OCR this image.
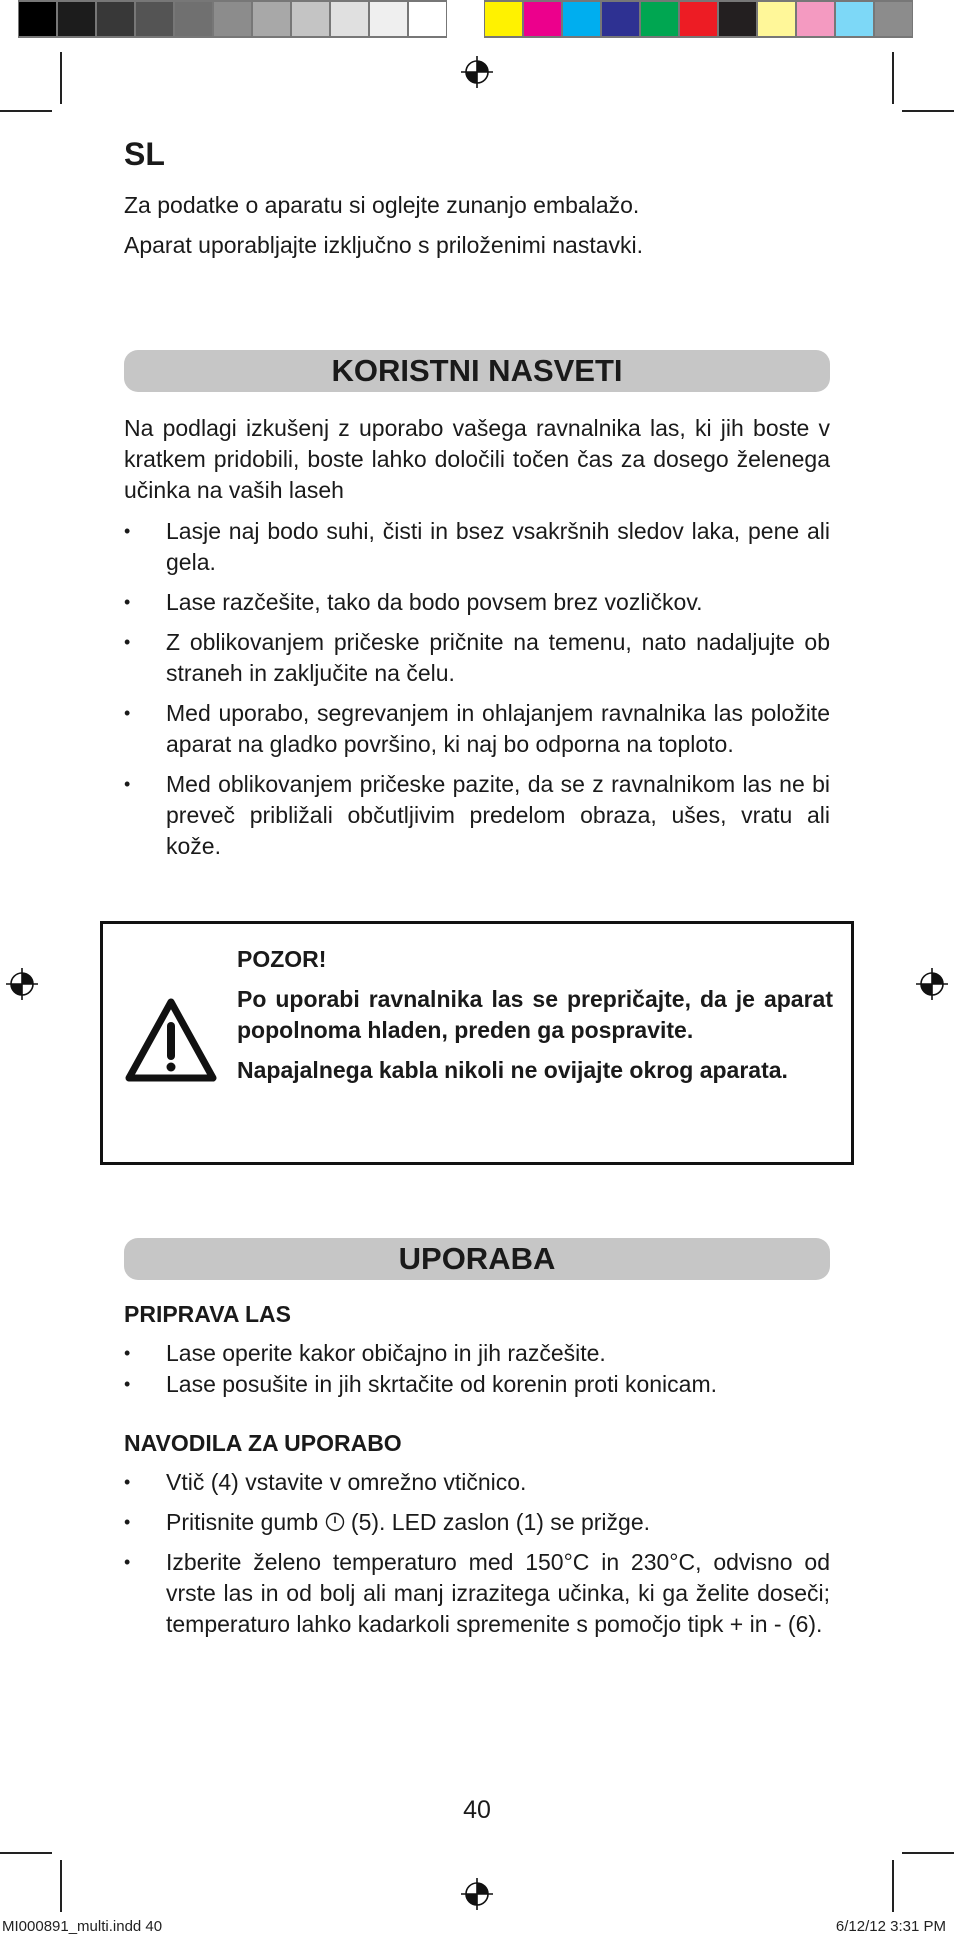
MI000891_multi.indd 40	6/12/12 3:31 PM
SL

Za podatke o aparatu si oglejte zunanjo embalažo.

Aparat uporabljajte izključno s priloženimi nastavki.

KORISTNI NASVETI

Na podlagi izkušenj z uporabo vašega ravnalnika las, ki jih boste v kratkem pridobili, boste lahko določili točen čas za dosego želenega učinka na vaših laseh

• Lasje naj bodo suhi, čisti in bsez vsakršnih sledov laka, pene ali gela.
• Lase razčešite, tako da bodo povsem brez vozličkov.
• Z oblikovanjem pričeske pričnite na temenu, nato nadaljujte ob straneh in zaključite na čelu.
• Med uporabo, segrevanjem in ohlajanjem ravnalnika las položite aparat na gladko površino, ki naj bo odporna na toploto.
• Med oblikovanjem pričeske pazite, da se z ravnalnikom las ne bi preveč približali občutljivim predelom obraza, ušes, vratu ali kože.

POZOR!

Po uporabi ravnalnika las se prepričajte, da je aparat popolnoma hladen, preden ga pospravite.

Napajalnega kabla nikoli ne ovijajte okrog aparata.

UPORABA
PRIPRAVA LAS
• Lase operite kakor običajno in jih razčešite.
• Lase posušite in jih skrtačite od korenin proti konicam.
NAVODILA ZA UPORABO
• Vtič (4) vstavite v omrežno vtičnico.
• Pritisnite gumb (5). LED zaslon (1) se prižge.
• Izberite želeno temperaturo med 150°C in 230°C, odvisno od vrste las in od bolj ali manj izrazitega učinka, ki ga želite doseči; temperaturo lahko kadarkoli spremenite s pomočjo tipk + in - (6).
40
